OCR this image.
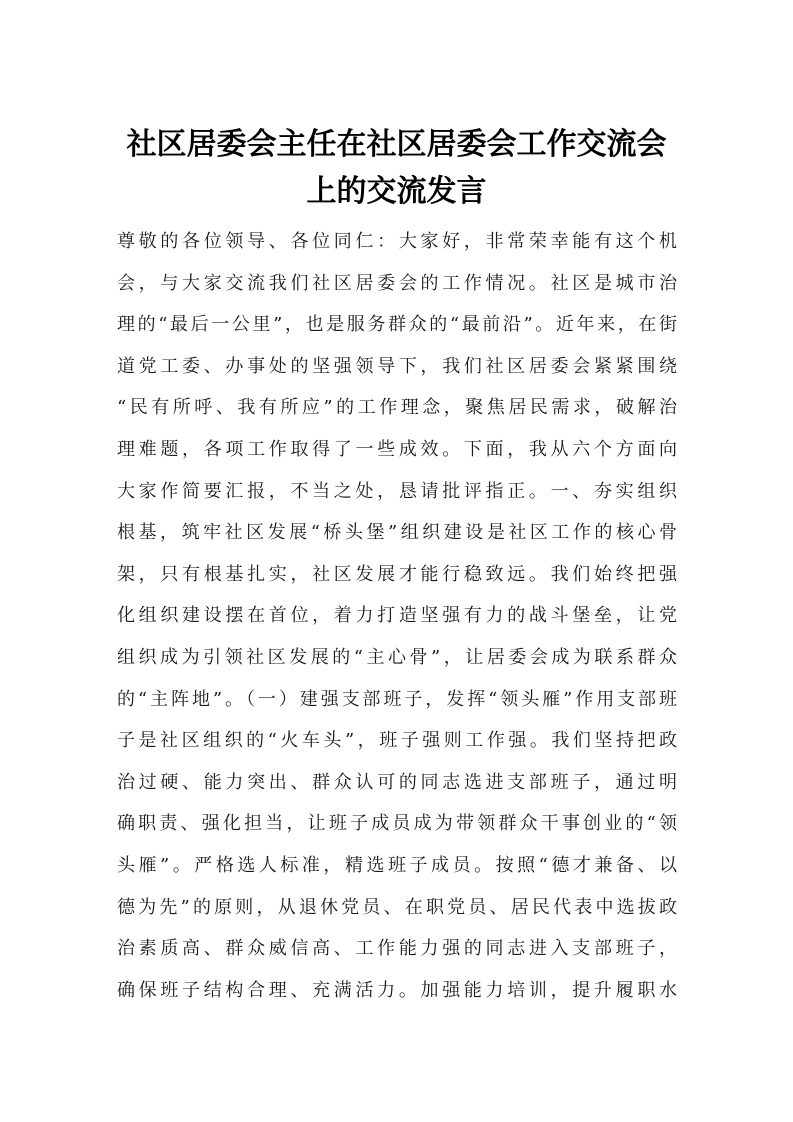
社区居委会主任在社区居委会工作交流会
上的交流发言
尊敬的各位领导、各位同仁：大家好，非常荣幸能有这个机
会，与大家交流我们社区居委会的工作情况。社区是城市治
理的“最后一公里”，也是服务群众的“最前沿”。近年来，在街
道党工委、办事处的坚强领导下，我们社区居委会紧紧围绕
“民有所呼、我有所应”的工作理念，聚焦居民需求，破解治
理难题，各项工作取得了一些成效。下面，我从六个方面向
大家作简要汇报，不当之处，恳请批评指正。一、夯实组织
根基，筑牢社区发展“桥头堡”组织建设是社区工作的核心骨
架，只有根基扎实，社区发展才能行稳致远。我们始终把强
化组织建设摆在首位，着力打造坚强有力的战斗堡垒，让党
组织成为引领社区发展的“主心骨”，让居委会成为联系群众
的“主阵地”。（一）建强支部班子，发挥“领头雁”作用支部班
子是社区组织的“火车头”，班子强则工作强。我们坚持把政
治过硬、能力突出、群众认可的同志选进支部班子，通过明
确职责、强化担当，让班子成员成为带领群众干事创业的“领
头雁”。严格选人标准，精选班子成员。按照“德才兼备、以
德为先”的原则，从退休党员、在职党员、居民代表中选拔政
治素质高、群众威信高、工作能力强的同志进入支部班子，
确保班子结构合理、充满活力。加强能力培训，提升履职水
